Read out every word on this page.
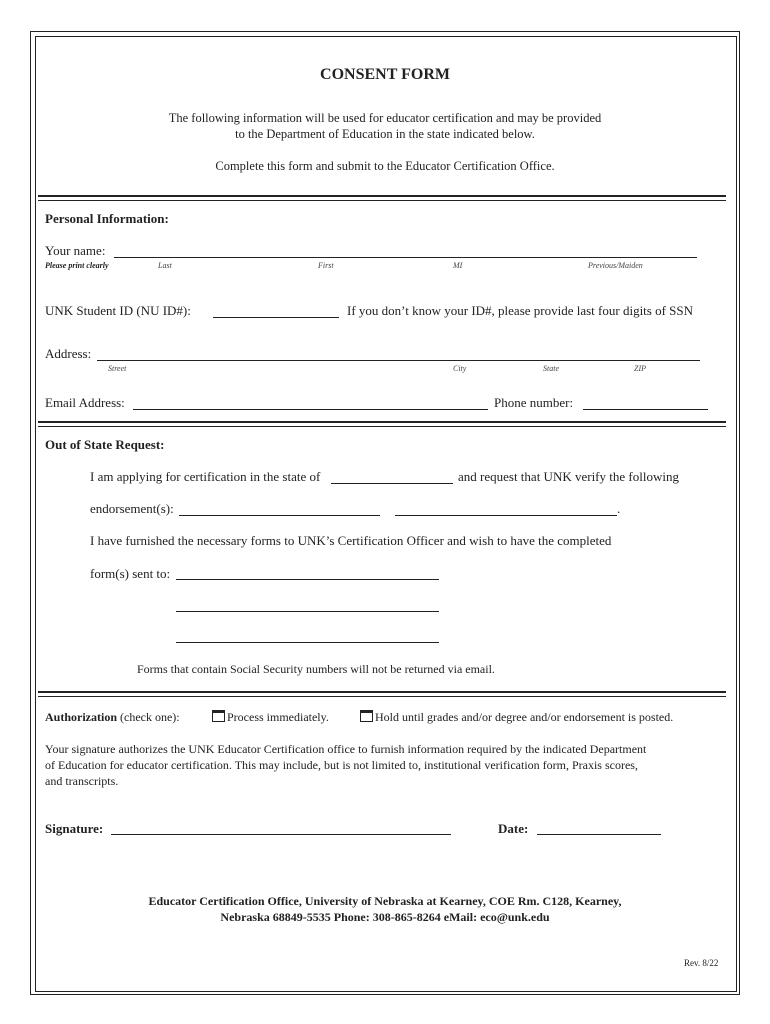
CONSENT FORM
The following information will be used for educator certification and may be provided
to the Department of Education in the state indicated below.
Complete this form and submit to the Educator Certification Office.
Personal Information:
Your name:
Please print clearly	Last	First	MI	Previous/Maiden
UNK Student ID (NU ID#):	If you don’t know your ID#, please provide last four digits of SSN
Address:
Street	City	State	ZIP
Email Address:	Phone number:
Out of State Request:
I am applying for certification in the state of	and request that UNK verify the following
endorsement(s):	.
I have furnished the necessary forms to UNK’s Certification Officer and wish to have the completed
form(s) sent to:
Forms that contain Social Security numbers will not be returned via email.
Authorization (check one):	Process immediately.	Hold until grades and/or degree and/or endorsement is posted.
Your signature authorizes the UNK Educator Certification office to furnish information required by the indicated Department
of Education for educator certification. This may include, but is not limited to, institutional verification form, Praxis scores,
and transcripts.
Signature:	Date:
Educator Certification Office, University of Nebraska at Kearney, COE Rm. C128, Kearney,
Nebraska 68849-5535 Phone: 308-865-8264 eMail: eco@unk.edu
Rev. 8/22
